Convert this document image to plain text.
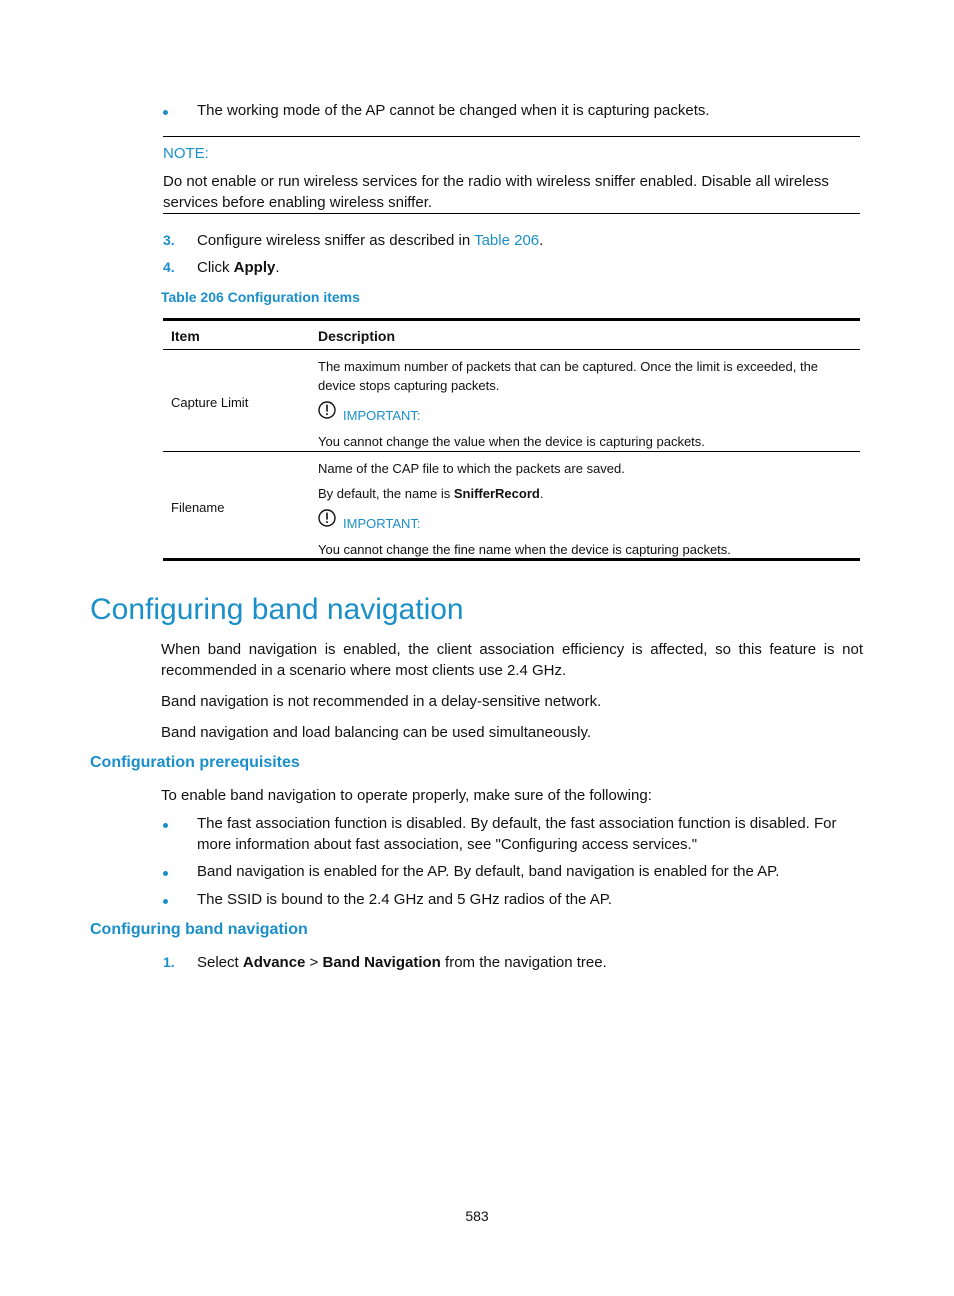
The working mode of the AP cannot be changed when it is capturing packets.
NOTE:
Do not enable or run wireless services for the radio with wireless sniffer enabled. Disable all wireless services before enabling wireless sniffer.
3. Configure wireless sniffer as described in Table 206.
4. Click Apply.
Table 206 Configuration items
Item	Description
Capture Limit
The maximum number of packets that can be captured. Once the limit is exceeded, the device stops capturing packets.
IMPORTANT:
You cannot change the value when the device is capturing packets.
Filename
Name of the CAP file to which the packets are saved.
By default, the name is SnifferRecord.
IMPORTANT:
You cannot change the fine name when the device is capturing packets.
Configuring band navigation
When band navigation is enabled, the client association efficiency is affected, so this feature is not recommended in a scenario where most clients use 2.4 GHz.
Band navigation is not recommended in a delay-sensitive network.
Band navigation and load balancing can be used simultaneously.
Configuration prerequisites
To enable band navigation to operate properly, make sure of the following:
The fast association function is disabled. By default, the fast association function is disabled. For more information about fast association, see "Configuring access services."
Band navigation is enabled for the AP. By default, band navigation is enabled for the AP.
The SSID is bound to the 2.4 GHz and 5 GHz radios of the AP.
Configuring band navigation
1. Select Advance > Band Navigation from the navigation tree.
583
